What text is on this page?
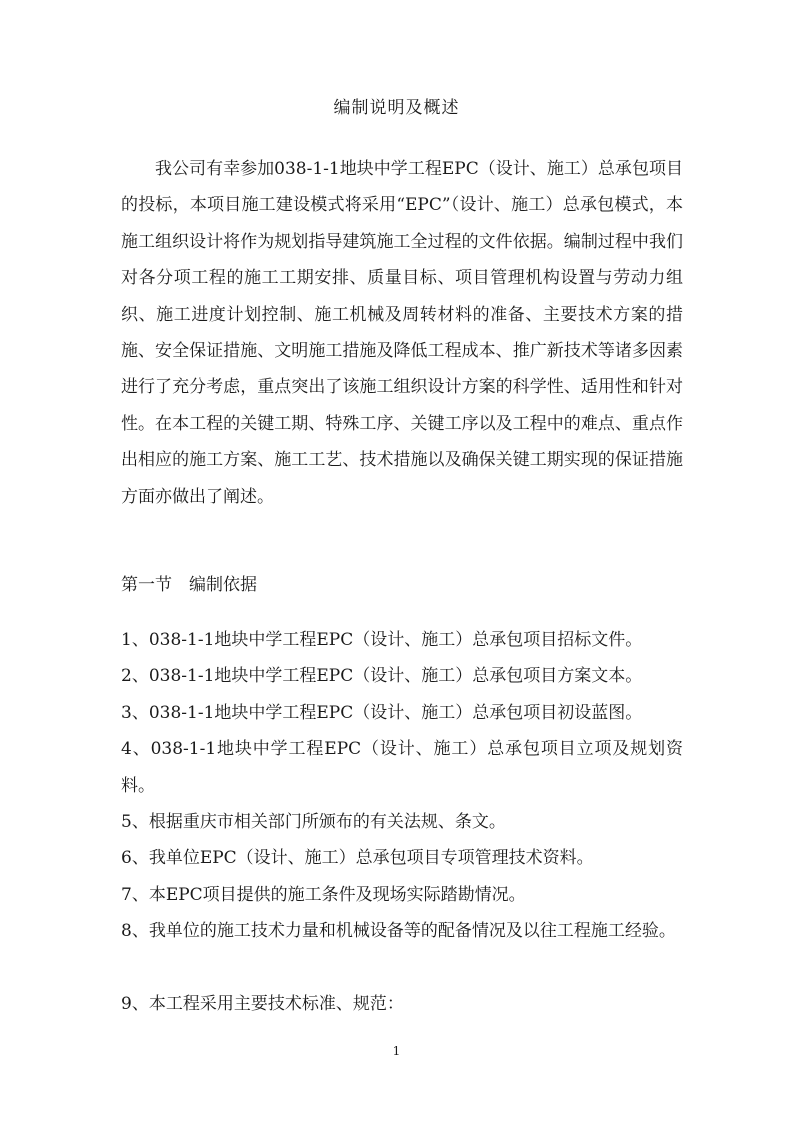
编制说明及概述

我公司有幸参加038-1-1地块中学工程EPC（设计、施工）总承包项目的投标，本项目施工建设模式将采用“EPC”（设计、施工）总承包模式，本施工组织设计将作为规划指导建筑施工全过程的文件依据。编制过程中我们对各分项工程的施工工期安排、质量目标、项目管理机构设置与劳动力组织、施工进度计划控制、施工机械及周转材料的准备、主要技术方案的措施、安全保证措施、文明施工措施及降低工程成本、推广新技术等诸多因素进行了充分考虑，重点突出了该施工组织设计方案的科学性、适用性和针对性。在本工程的关键工期、特殊工序、关键工序以及工程中的难点、重点作出相应的施工方案、施工工艺、技术措施以及确保关键工期实现的保证措施方面亦做出了阐述。

第一节　编制依据
1、038-1-1地块中学工程EPC（设计、施工）总承包项目招标文件。
2、038-1-1地块中学工程EPC（设计、施工）总承包项目方案文本。
3、038-1-1地块中学工程EPC（设计、施工）总承包项目初设蓝图。
4、038-1-1地块中学工程EPC（设计、施工）总承包项目立项及规划资料。
5、根据重庆市相关部门所颁布的有关法规、条文。
6、我单位EPC（设计、施工）总承包项目专项管理技术资料。
7、本EPC项目提供的施工条件及现场实际踏勘情况。
8、我单位的施工技术力量和机械设备等的配备情况及以往工程施工经验。
9、本工程采用主要技术标准、规范：
1
